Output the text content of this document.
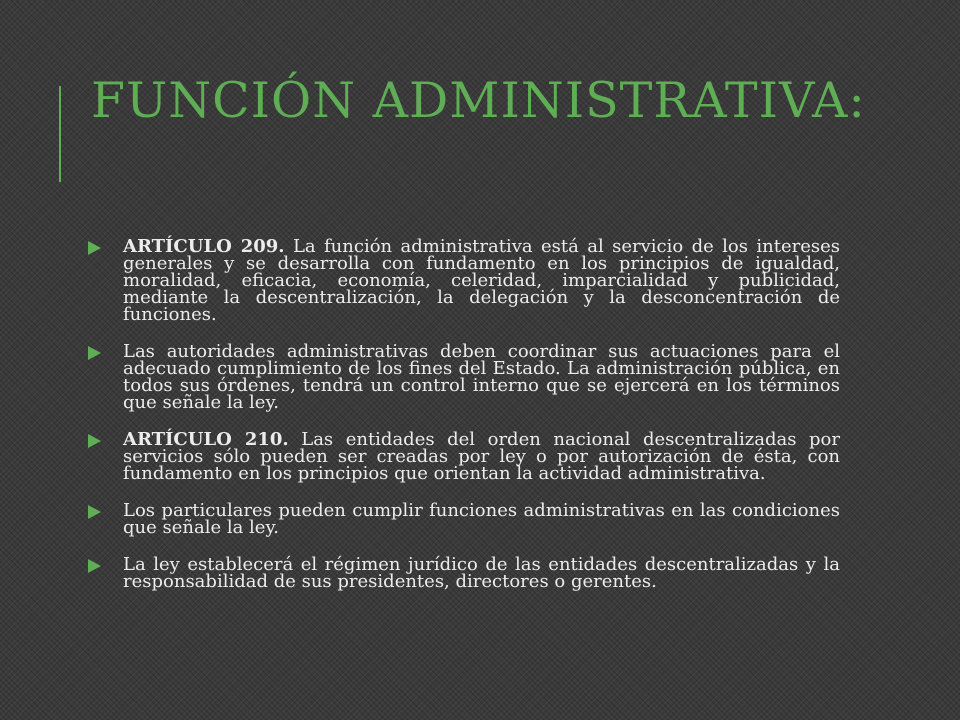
FUNCIÓN ADMINISTRATIVA:
ARTÍCULO 209. La función administrativa está al servicio de los intereses generales y se desarrolla con fundamento en los principios de igualdad, moralidad, eficacia, economía, celeridad, imparcialidad y publicidad, mediante la descentralización, la delegación y la desconcentración de funciones.
Las autoridades administrativas deben coordinar sus actuaciones para el adecuado cumplimiento de los fines del Estado. La administración pública, en todos sus órdenes, tendrá un control interno que se ejercerá en los términos que señale la ley.
ARTÍCULO 210. Las entidades del orden nacional descentralizadas por servicios sólo pueden ser creadas por ley o por autorización de ésta, con fundamento en los principios que orientan la actividad administrativa.
Los particulares pueden cumplir funciones administrativas en las condiciones que señale la ley.
La ley establecerá el régimen jurídico de las entidades descentralizadas y la responsabilidad de sus presidentes, directores o gerentes.
